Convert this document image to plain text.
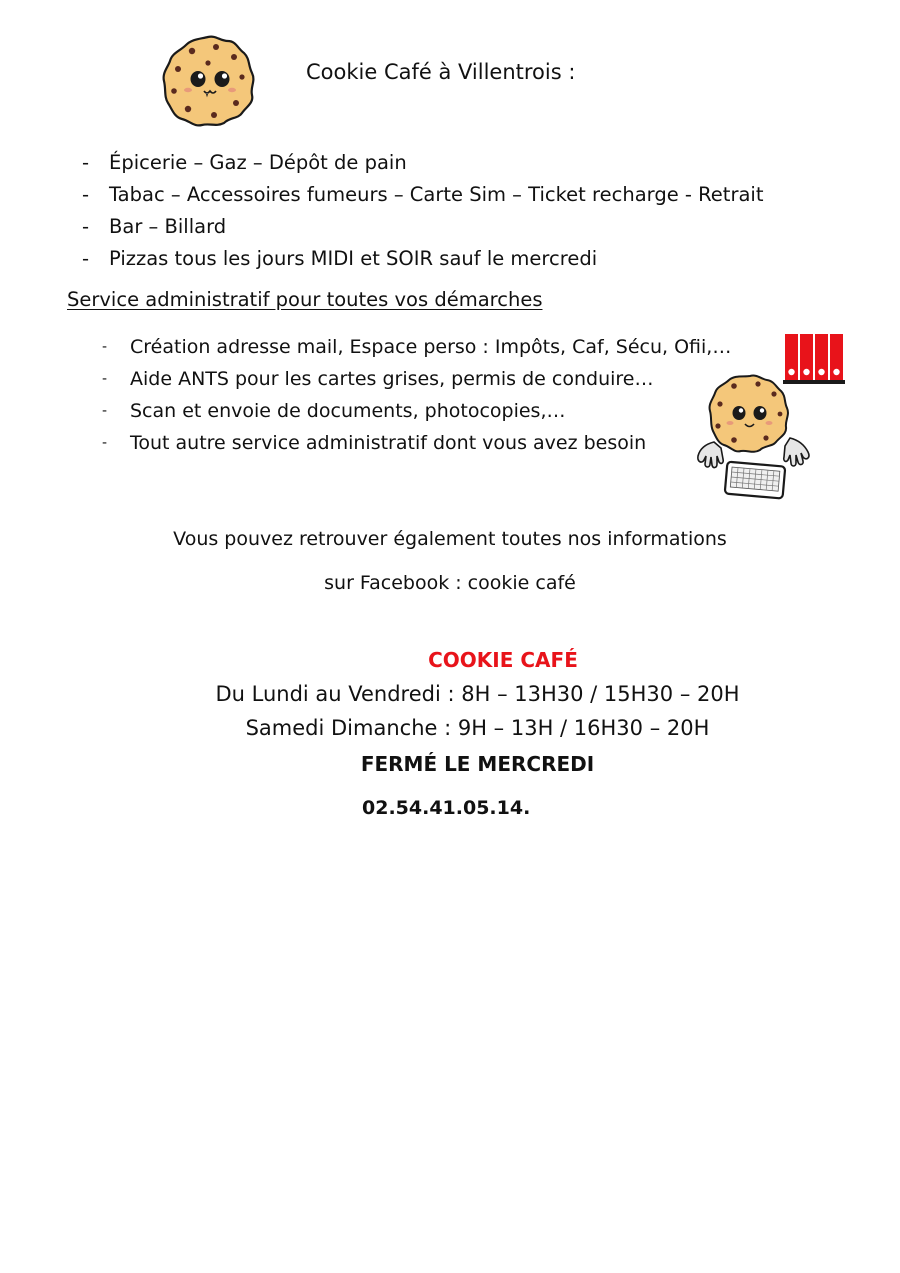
Cookie Café à Villentrois :
- Épicerie – Gaz – Dépôt de pain
- Tabac – Accessoires fumeurs – Carte Sim – Ticket recharge - Retrait
- Bar – Billard
- Pizzas tous les jours MIDI et SOIR sauf le mercredi
Service administratif pour toutes vos démarches
- Création adresse mail, Espace perso : Impôts, Caf, Sécu, Ofii,…
- Aide ANTS pour les cartes grises, permis de conduire…
- Scan et envoie de documents, photocopies,…
- Tout autre service administratif dont vous avez besoin
Vous pouvez retrouver également toutes nos informations
sur Facebook : cookie café
COOKIE CAFÉ
Du Lundi au Vendredi : 8H – 13H30 / 15H30 – 20H
Samedi Dimanche : 9H – 13H / 16H30 – 20H
FERMÉ LE MERCREDI
02.54.41.05.14.
